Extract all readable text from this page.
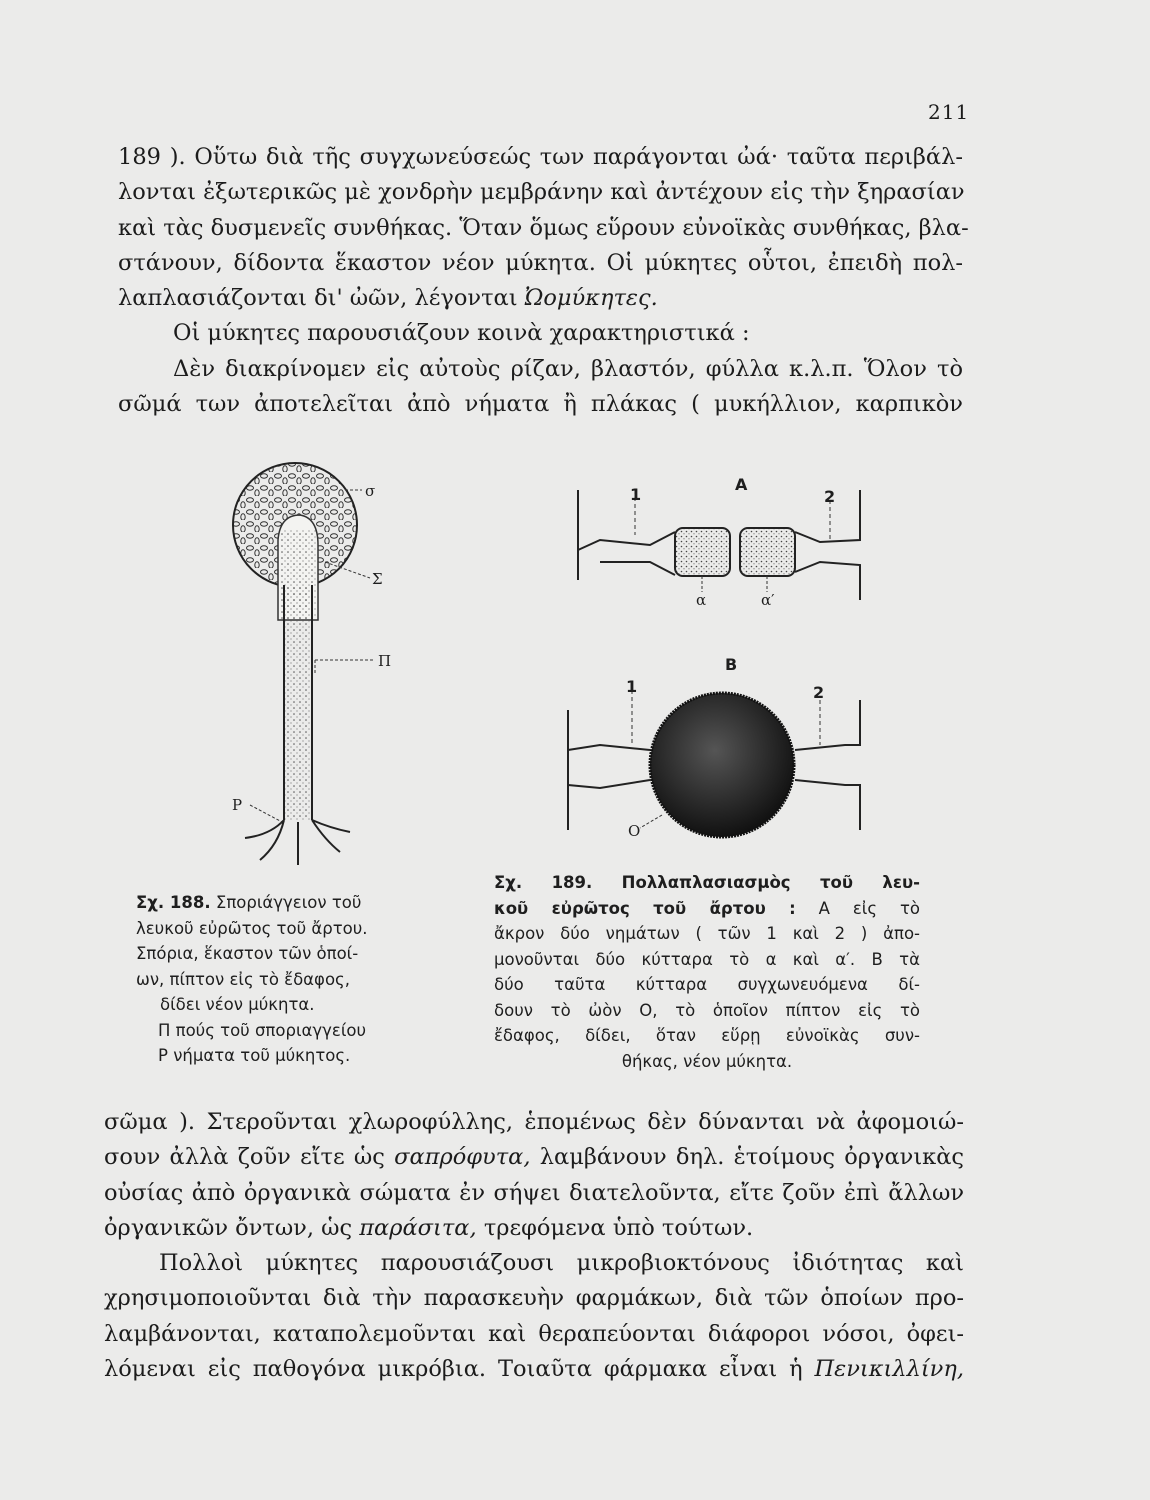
211
189 ). Οὕτω διὰ τῆς συγχωνεύσεώς των παράγονται ὠά· ταῦτα περιβάλ-
λονται ἐξωτερικῶς μὲ χονδρὴν μεμβράνην καὶ ἀντέχουν εἰς τὴν ξηρασίαν
καὶ τὰς δυσμενεῖς συνθήκας. Ὅταν ὅμως εὕρουν εὐνοϊκὰς συνθήκας, βλα-
στάνουν, δίδοντα ἕκαστον νέον μύκητα. Οἱ μύκητες οὗτοι, ἐπειδὴ πολ-
λαπλασιάζονται δι' ὠῶν, λέγονται Ὠομύκητες.
Οἱ μύκητες παρουσιάζουν κοινὰ χαρακτηριστικά :
Δὲν διακρίνομεν εἰς αὐτοὺς ρίζαν, βλαστόν, φύλλα κ.λ.π. Ὅλον τὸ
σῶμά των ἀποτελεῖται ἀπὸ νήματα ἢ πλάκας ( μυκήλλιον, καρπικὸν
σ
Σ
Π
Ρ
Α
1	2
α	α′
Β
1	2
Ο
Σχ. 188. Σποριάγγειον τοῦ
λευκοῦ εὐρῶτος τοῦ ἄρτου.
Σπόρια, ἕκαστον τῶν ὁποί-
ων, πίπτον εἰς τὸ ἔδαφος,
δίδει νέον μύκητα.
Π πούς τοῦ σποριαγγείου
Ρ νήματα τοῦ μύκητος.
Σχ. 189. Πολλαπλασιασμὸς τοῦ λευ-
κοῦ εὐρῶτος τοῦ ἄρτου : Α εἰς τὸ
ἄκρον δύο νημάτων ( τῶν 1 καὶ 2 ) ἀπο-
μονοῦνται δύο κύτταρα τὸ α καὶ α′. Β τὰ
δύο ταῦτα κύτταρα συγχωνευόμενα δί-
δουν τὸ ὠὸν Ο, τὸ ὁποῖον πίπτον εἰς τὸ
ἔδαφος, δίδει, ὅταν εὕρῃ εὐνοϊκὰς συν-
θήκας, νέον μύκητα.
σῶμα ). Στεροῦνται χλωροφύλλης, ἑπομένως δὲν δύνανται νὰ ἀφομοιώ-
σουν ἀλλὰ ζοῦν εἴτε ὡς σαπρόφυτα, λαμβάνουν δηλ. ἑτοίμους ὀργανικὰς
οὐσίας ἀπὸ ὀργανικὰ σώματα ἐν σήψει διατελοῦντα, εἴτε ζοῦν ἐπὶ ἄλλων
ὀργανικῶν ὄντων, ὡς παράσιτα, τρεφόμενα ὑπὸ τούτων.
Πολλοὶ μύκητες παρουσιάζουσι μικροβιοκτόνους ἰδιότητας καὶ
χρησιμοποιοῦνται διὰ τὴν παρασκευὴν φαρμάκων, διὰ τῶν ὁποίων προ-
λαμβάνονται, καταπολεμοῦνται καὶ θεραπεύονται διάφοροι νόσοι, ὀφει-
λόμεναι εἰς παθογόνα μικρόβια. Τοιαῦτα φάρμακα εἶναι ἡ Πενικιλλίνη,
